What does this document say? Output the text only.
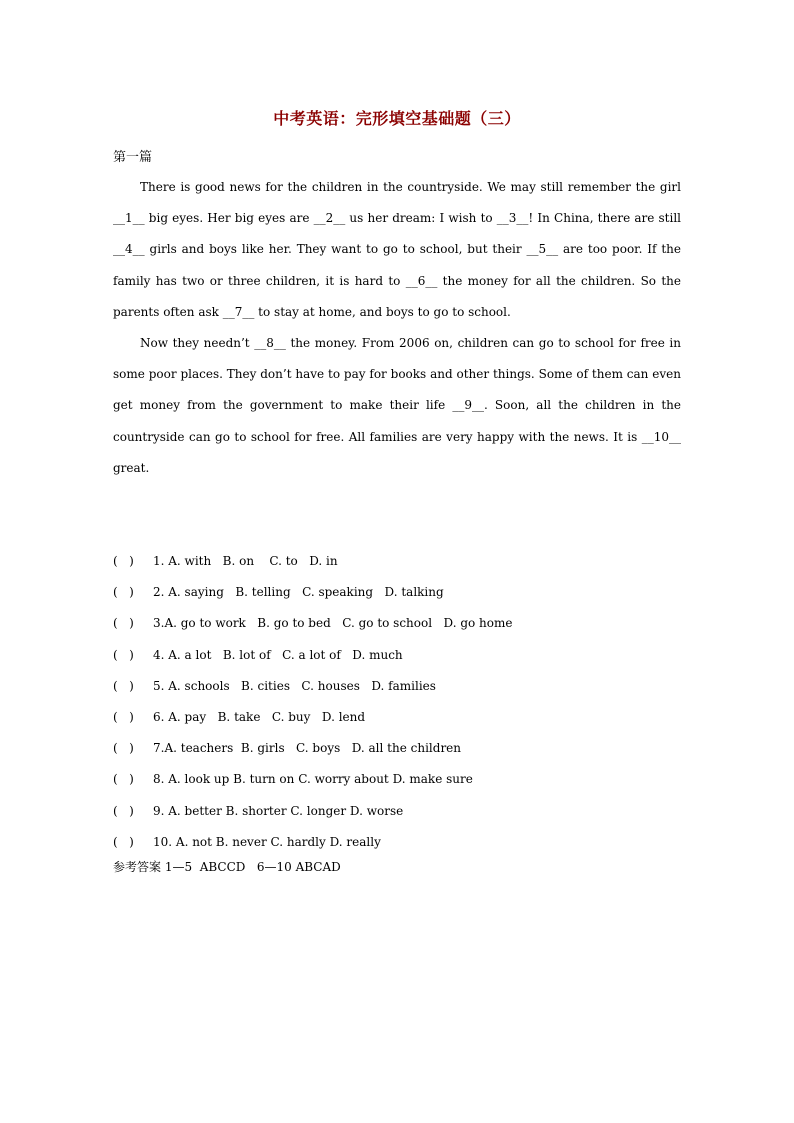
中考英语：完形填空基础题（三）
第一篇

There is good news for the children in the countryside. We may still remember the girl __1__ big eyes. Her big eyes are __2__ us her dream: I wish to __3__! In China, there are still __4__ girls and boys like her. They want to go to school, but their __5__ are too poor. If the family has two or three children, it is hard to __6__ the money for all the children. So the parents often ask __7__ to stay at home, and boys to go to school.

Now they needn’t __8__ the money. From 2006 on, children can go to school for free in some poor places. They don’t have to pay for books and other things. Some of them can even get money from the government to make their life __9__. Soon, all the children in the countryside can go to school for free. All families are very happy with the news. It is __10__ great.

(   ) 1. A. with   B. on    C. to   D. in
(   ) 2. A. saying   B. telling   C. speaking   D. talking
(   ) 3.A. go to work   B. go to bed   C. go to school   D. go home
(   ) 4. A. a lot   B. lot of   C. a lot of   D. much
(   ) 5. A. schools   B. cities   C. houses   D. families
(   ) 6. A. pay   B. take   C. buy   D. lend
(   ) 7.A. teachers  B. girls   C. boys   D. all the children
(   ) 8. A. look up B. turn on C. worry about D. make sure
(   ) 9. A. better B. shorter C. longer D. worse
(   ) 10. A. not B. never C. hardly D. really
参考答案 1—5  ABCCD   6—10 ABCAD
